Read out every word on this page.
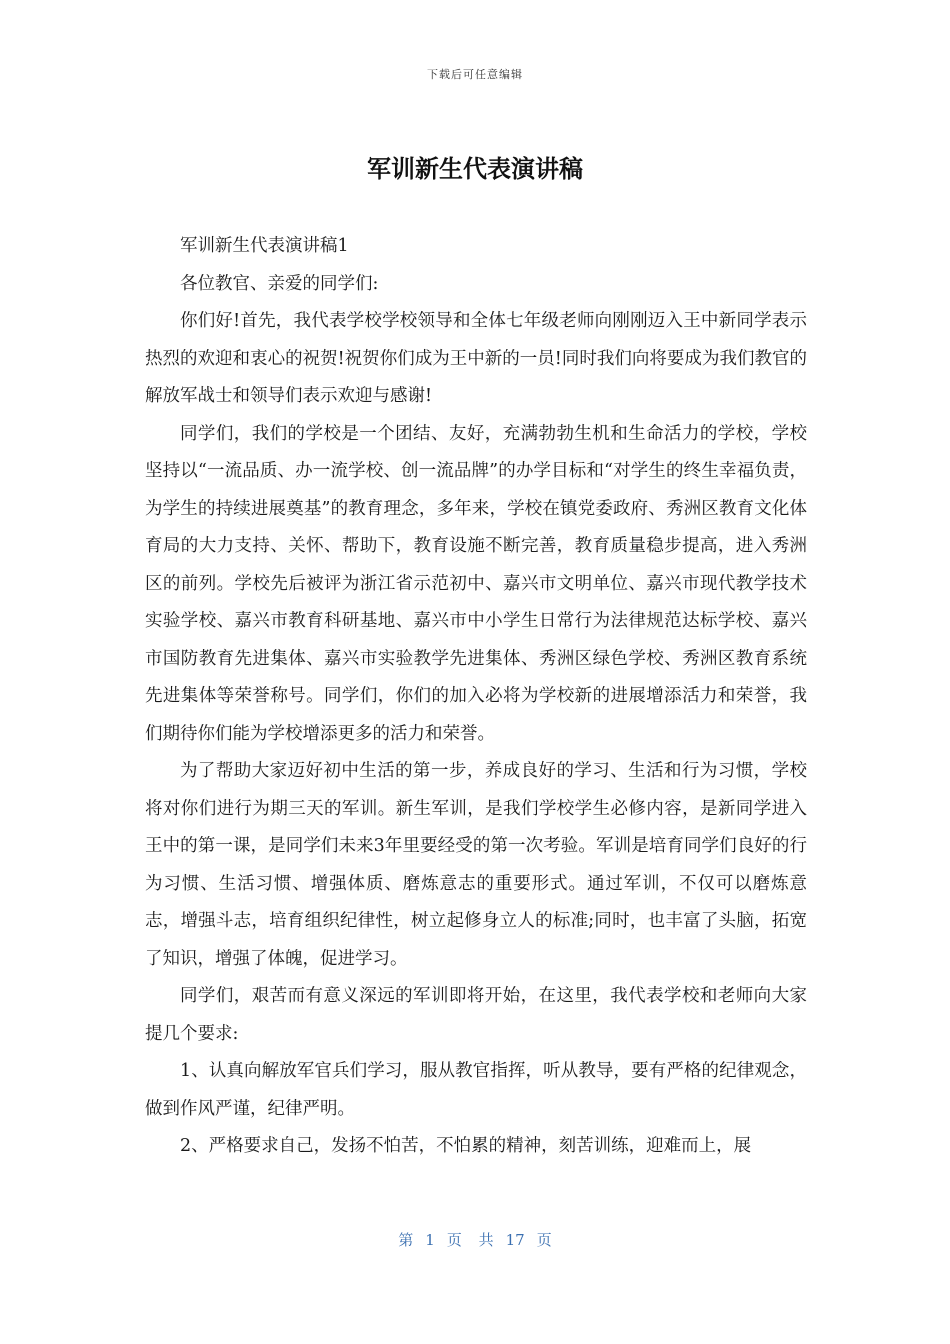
下载后可任意编辑
军训新生代表演讲稿

军训新生代表演讲稿1

各位教官、亲爱的同学们:

你们好!首先，我代表学校学校领导和全体七年级老师向刚刚迈入王中新同学表示热烈的欢迎和衷心的祝贺!祝贺你们成为王中新的一员!同时我们向将要成为我们教官的解放军战士和领导们表示欢迎与感谢!

同学们，我们的学校是一个团结、友好，充满勃勃生机和生命活力的学校，学校坚持以“一流品质、办一流学校、创一流品牌”的办学目标和“对学生的终生幸福负责，为学生的持续进展奠基”的教育理念，多年来，学校在镇党委政府、秀洲区教育文化体育局的大力支持、关怀、帮助下，教育设施不断完善，教育质量稳步提高，进入秀洲区的前列。学校先后被评为浙江省示范初中、嘉兴市文明单位、嘉兴市现代教学技术实验学校、嘉兴市教育科研基地、嘉兴市中小学生日常行为法律规范达标学校、嘉兴市国防教育先进集体、嘉兴市实验教学先进集体、秀洲区绿色学校、秀洲区教育系统先进集体等荣誉称号。同学们，你们的加入必将为学校新的进展增添活力和荣誉，我们期待你们能为学校增添更多的活力和荣誉。

为了帮助大家迈好初中生活的第一步，养成良好的学习、生活和行为习惯，学校将对你们进行为期三天的军训。新生军训，是我们学校学生必修内容，是新同学进入王中的第一课，是同学们未来3年里要经受的第一次考验。军训是培育同学们良好的行为习惯、生活习惯、增强体质、磨炼意志的重要形式。通过军训，不仅可以磨炼意志，增强斗志，培育组织纪律性，树立起修身立人的标准;同时，也丰富了头脑，拓宽了知识，增强了体魄，促进学习。

同学们，艰苦而有意义深远的军训即将开始，在这里，我代表学校和老师向大家提几个要求:

1、认真向解放军官兵们学习，服从教官指挥，听从教导，要有严格的纪律观念，做到作风严谨，纪律严明。

2、严格要求自己，发扬不怕苦，不怕累的精神，刻苦训练，迎难而上，展

第 1 页 共 17 页
